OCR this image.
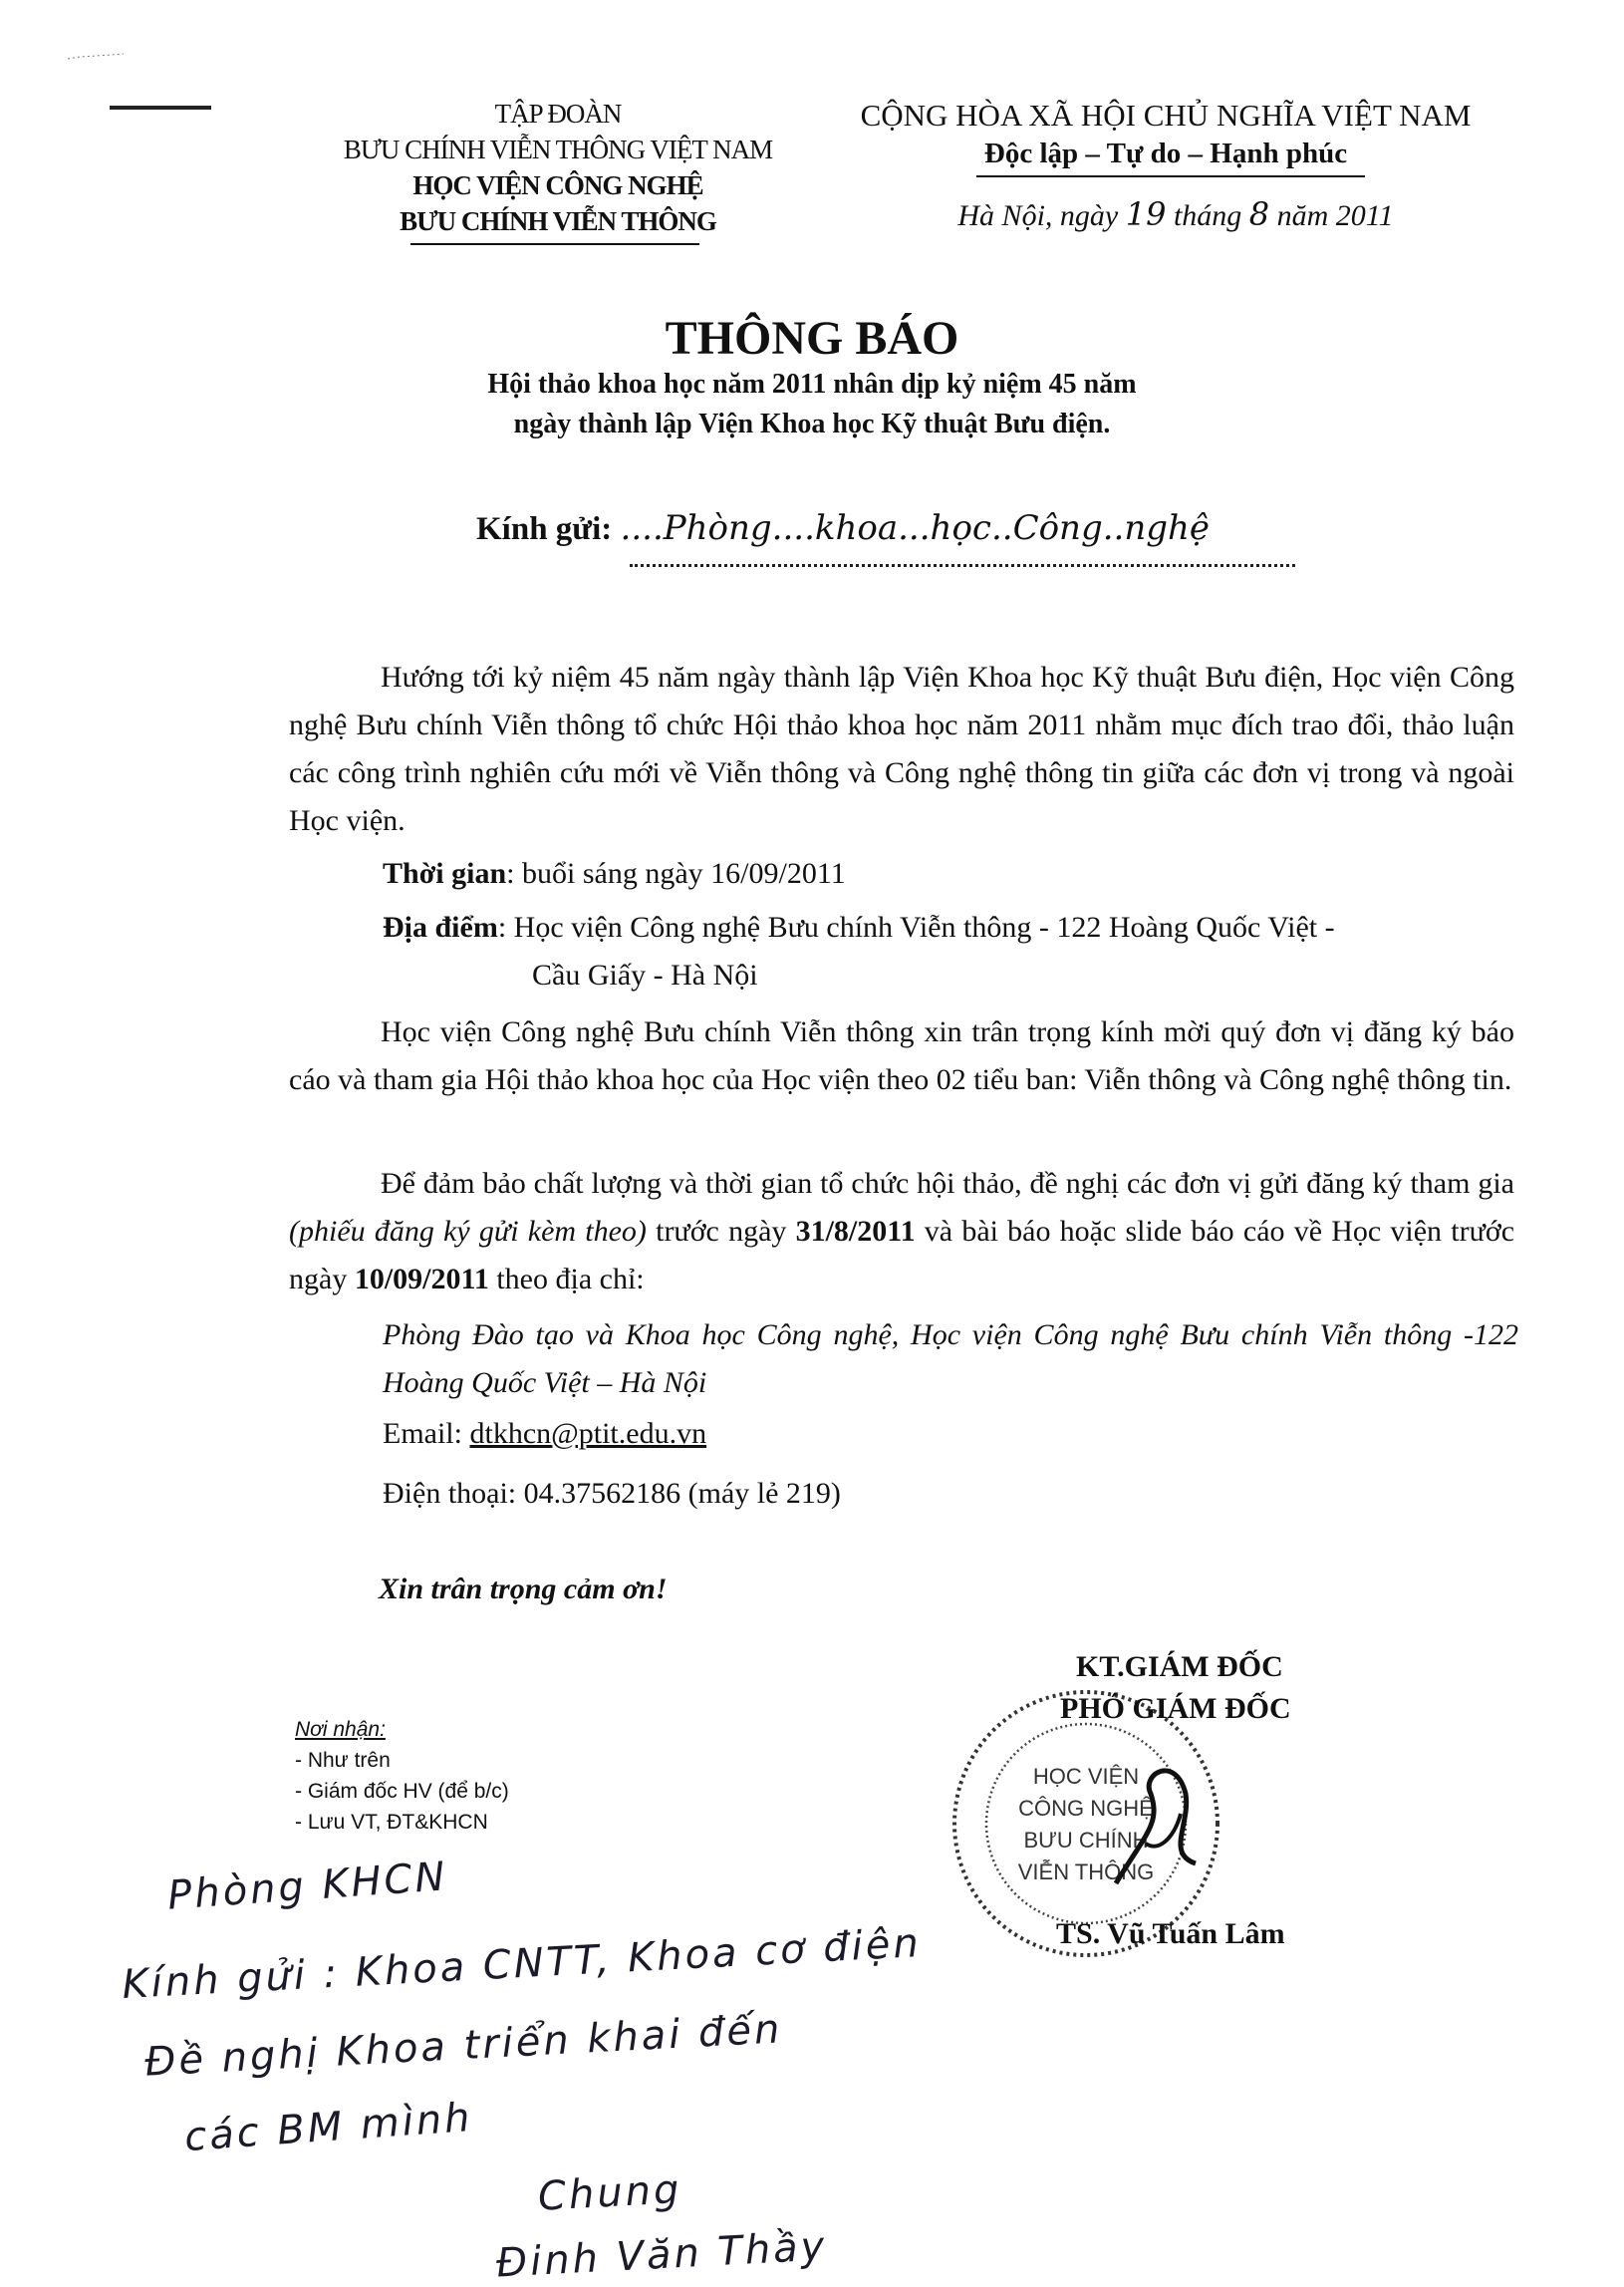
TẬP ĐOÀN
BƯU CHÍNH VIỄN THÔNG VIỆT NAM
HỌC VIỆN CÔNG NGHỆ
BƯU CHÍNH VIỄN THÔNG
CỘNG HÒA XÃ HỘI CHỦ NGHĨA VIỆT NAM
Độc lập – Tự do – Hạnh phúc
Hà Nội, ngày 19 tháng 8 năm 2011
THÔNG BÁO
Hội thảo khoa học năm 2011 nhân dịp kỷ niệm 45 năm
ngày thành lập Viện Khoa học Kỹ thuật Bưu điện.
Kính gửi: ....Phòng....khoa...học..Công..nghệ
Hướng tới kỷ niệm 45 năm ngày thành lập Viện Khoa học Kỹ thuật Bưu điện, Học viện Công nghệ Bưu chính Viễn thông tổ chức Hội thảo khoa học năm 2011 nhằm mục đích trao đổi, thảo luận các công trình nghiên cứu mới về Viễn thông và Công nghệ thông tin giữa các đơn vị trong và ngoài Học viện.
Thời gian: buổi sáng ngày 16/09/2011
Địa điểm: Học viện Công nghệ Bưu chính Viễn thông - 122 Hoàng Quốc Việt -
Cầu Giấy - Hà Nội
Học viện Công nghệ Bưu chính Viễn thông xin trân trọng kính mời quý đơn vị đăng ký báo cáo và tham gia Hội thảo khoa học của Học viện theo 02 tiểu ban: Viễn thông và Công nghệ thông tin.
Để đảm bảo chất lượng và thời gian tổ chức hội thảo, đề nghị các đơn vị gửi đăng ký tham gia (phiếu đăng ký gửi kèm theo) trước ngày 31/8/2011 và bài báo hoặc slide báo cáo về Học viện trước ngày 10/09/2011 theo địa chỉ:
Phòng Đào tạo và Khoa học Công nghệ, Học viện Công nghệ Bưu chính Viễn thông -122 Hoàng Quốc Việt – Hà Nội
Email: dtkhcn@ptit.edu.vn
Điện thoại: 04.37562186 (máy lẻ 219)
Xin trân trọng cảm ơn!
Nơi nhận:
- Như trên
- Giám đốc HV (để b/c)
- Lưu VT, ĐT&KHCN
HỌC VIỆN
CÔNG NGHỆ
BƯU CHÍNH
VIỄN THÔNG
KT.GIÁM ĐỐC
PHÓ GIÁM ĐỐC
TS. Vũ Tuấn Lâm
Phòng KHCN
Kính gửi : Khoa CNTT, Khoa cơ điện
Đề nghị Khoa triển khai đến
các BM mình
Chung
Đinh Văn Thầy
